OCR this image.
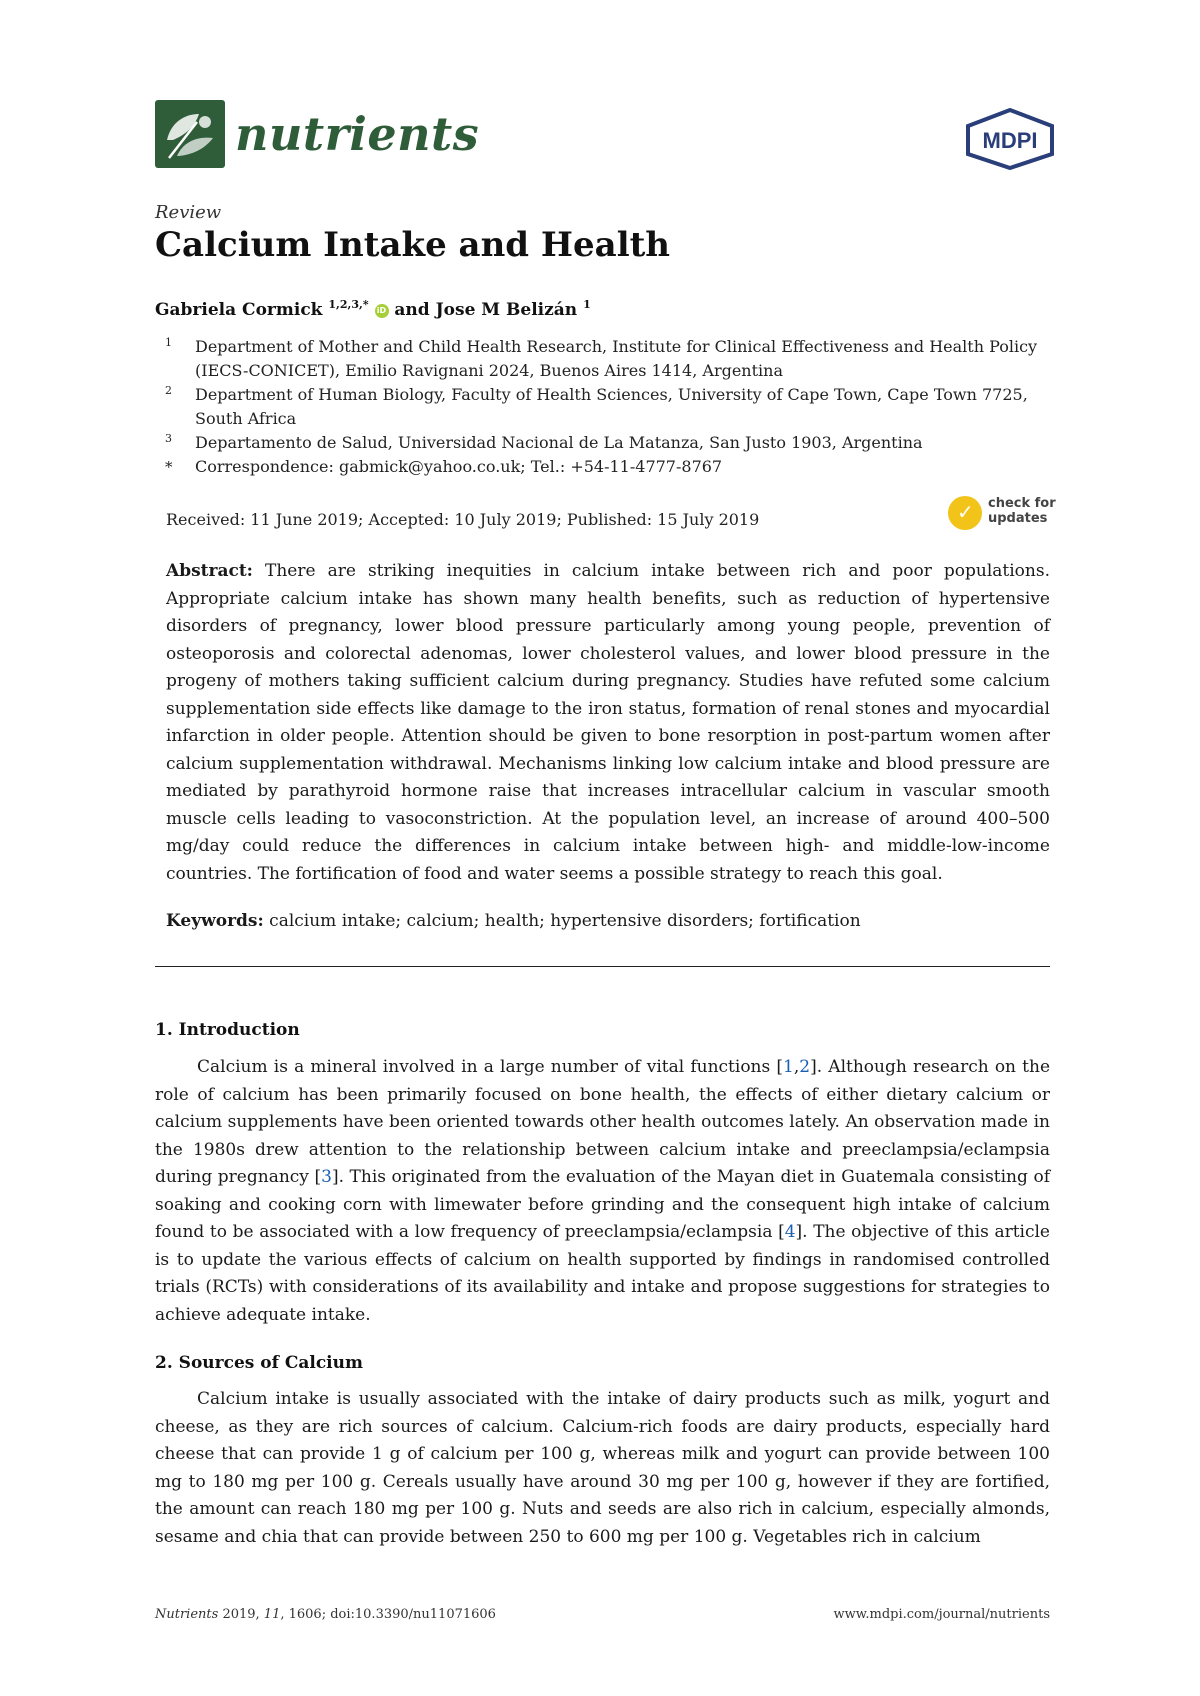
nutrients	MDPI
Review
Calcium Intake and Health
Gabriela Cormick $^{1,2,3,*}$ iD and Jose M Belizán $^1$
1 Department of Mother and Child Health Research, Institute for Clinical Effectiveness and Health Policy (IECS-CONICET), Emilio Ravignani 2024, Buenos Aires 1414, Argentina
2 Department of Human Biology, Faculty of Health Sciences, University of Cape Town, Cape Town 7725, South Africa
3 Departamento de Salud, Universidad Nacional de La Matanza, San Justo 1903, Argentina
* Correspondence: gabmick@yahoo.co.uk; Tel.: +54-11-4777-8767
Received: 11 June 2019; Accepted: 10 July 2019; Published: 15 July 2019	✓ check for
updates
Abstract: There are striking inequities in calcium intake between rich and poor populations. Appropriate calcium intake has shown many health benefits, such as reduction of hypertensive disorders of pregnancy, lower blood pressure particularly among young people, prevention of osteoporosis and colorectal adenomas, lower cholesterol values, and lower blood pressure in the progeny of mothers taking sufficient calcium during pregnancy. Studies have refuted some calcium supplementation side effects like damage to the iron status, formation of renal stones and myocardial infarction in older people. Attention should be given to bone resorption in post-partum women after calcium supplementation withdrawal. Mechanisms linking low calcium intake and blood pressure are mediated by parathyroid hormone raise that increases intracellular calcium in vascular smooth muscle cells leading to vasoconstriction. At the population level, an increase of around 400–500 mg/day could reduce the differences in calcium intake between high- and middle-low-income countries. The fortification of food and water seems a possible strategy to reach this goal.
Keywords: calcium intake; calcium; health; hypertensive disorders; fortification
1. Introduction
Calcium is a mineral involved in a large number of vital functions [1,2]. Although research on the role of calcium has been primarily focused on bone health, the effects of either dietary calcium or calcium supplements have been oriented towards other health outcomes lately. An observation made in the 1980s drew attention to the relationship between calcium intake and preeclampsia/eclampsia during pregnancy [3]. This originated from the evaluation of the Mayan diet in Guatemala consisting of soaking and cooking corn with limewater before grinding and the consequent high intake of calcium found to be associated with a low frequency of preeclampsia/eclampsia [4]. The objective of this article is to update the various effects of calcium on health supported by findings in randomised controlled trials (RCTs) with considerations of its availability and intake and propose suggestions for strategies to achieve adequate intake.
2. Sources of Calcium
Calcium intake is usually associated with the intake of dairy products such as milk, yogurt and cheese, as they are rich sources of calcium. Calcium-rich foods are dairy products, especially hard cheese that can provide 1 g of calcium per 100 g, whereas milk and yogurt can provide between 100 mg to 180 mg per 100 g. Cereals usually have around 30 mg per 100 g, however if they are fortified, the amount can reach 180 mg per 100 g. Nuts and seeds are also rich in calcium, especially almonds, sesame and chia that can provide between 250 to 600 mg per 100 g. Vegetables rich in calcium
Nutrients 2019, 11, 1606; doi:10.3390/nu11071606	www.mdpi.com/journal/nutrients
